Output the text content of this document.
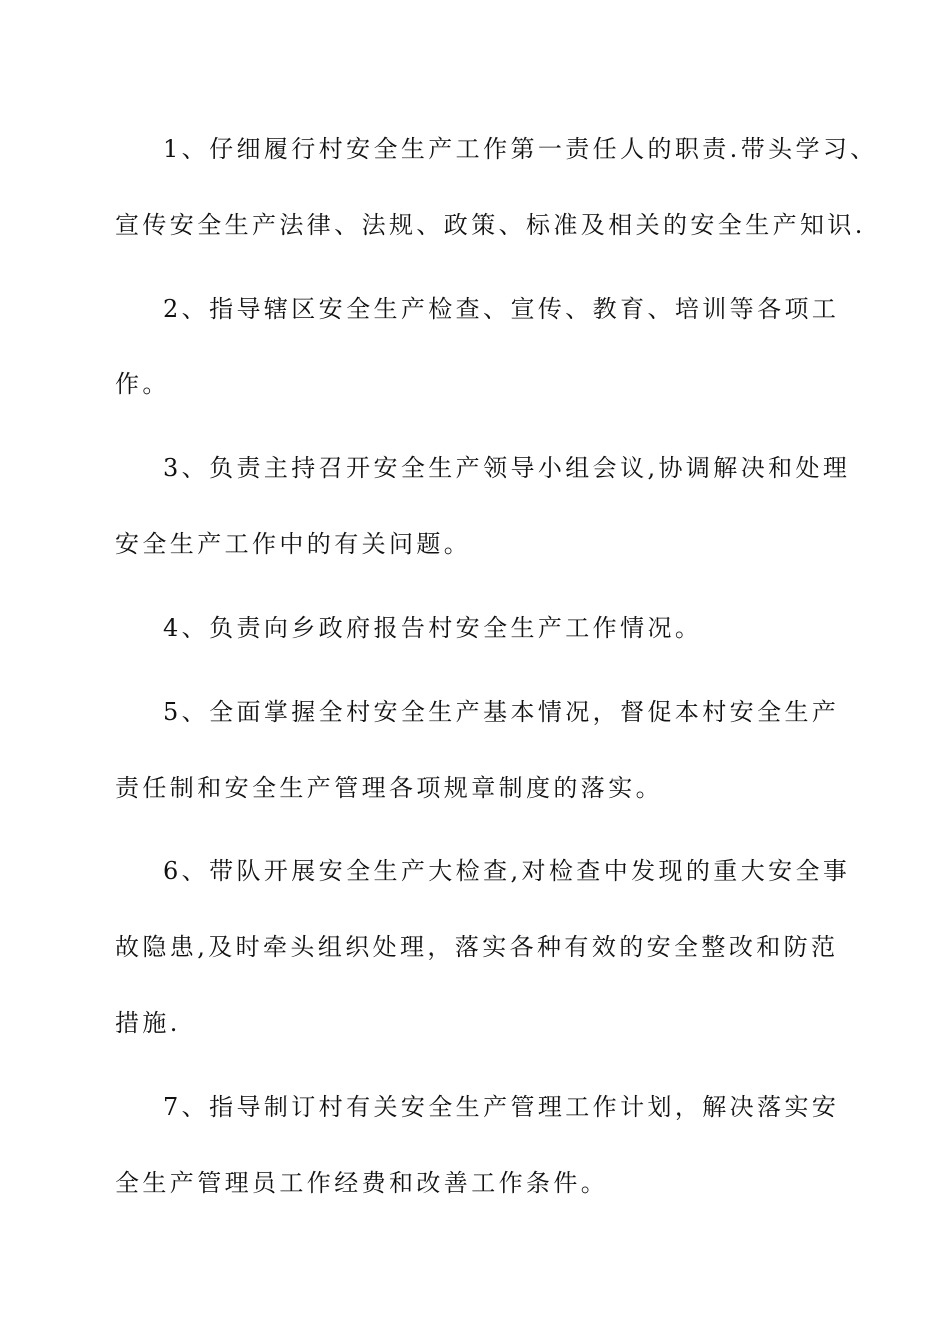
1、仔细履行村安全生产工作第一责任人的职责.带头学习、

宣传安全生产法律、法规、政策、标准及相关的安全生产知识.

2、指导辖区安全生产检查、宣传、教育、培训等各项工

作。

3、负责主持召开安全生产领导小组会议,协调解决和处理

安全生产工作中的有关问题。

4、负责向乡政府报告村安全生产工作情况。

5、全面掌握全村安全生产基本情况，督促本村安全生产

责任制和安全生产管理各项规章制度的落实。

6、带队开展安全生产大检查,对检查中发现的重大安全事

故隐患,及时牵头组织处理，落实各种有效的安全整改和防范

措施.

7、指导制订村有关安全生产管理工作计划，解决落实安

全生产管理员工作经费和改善工作条件。
